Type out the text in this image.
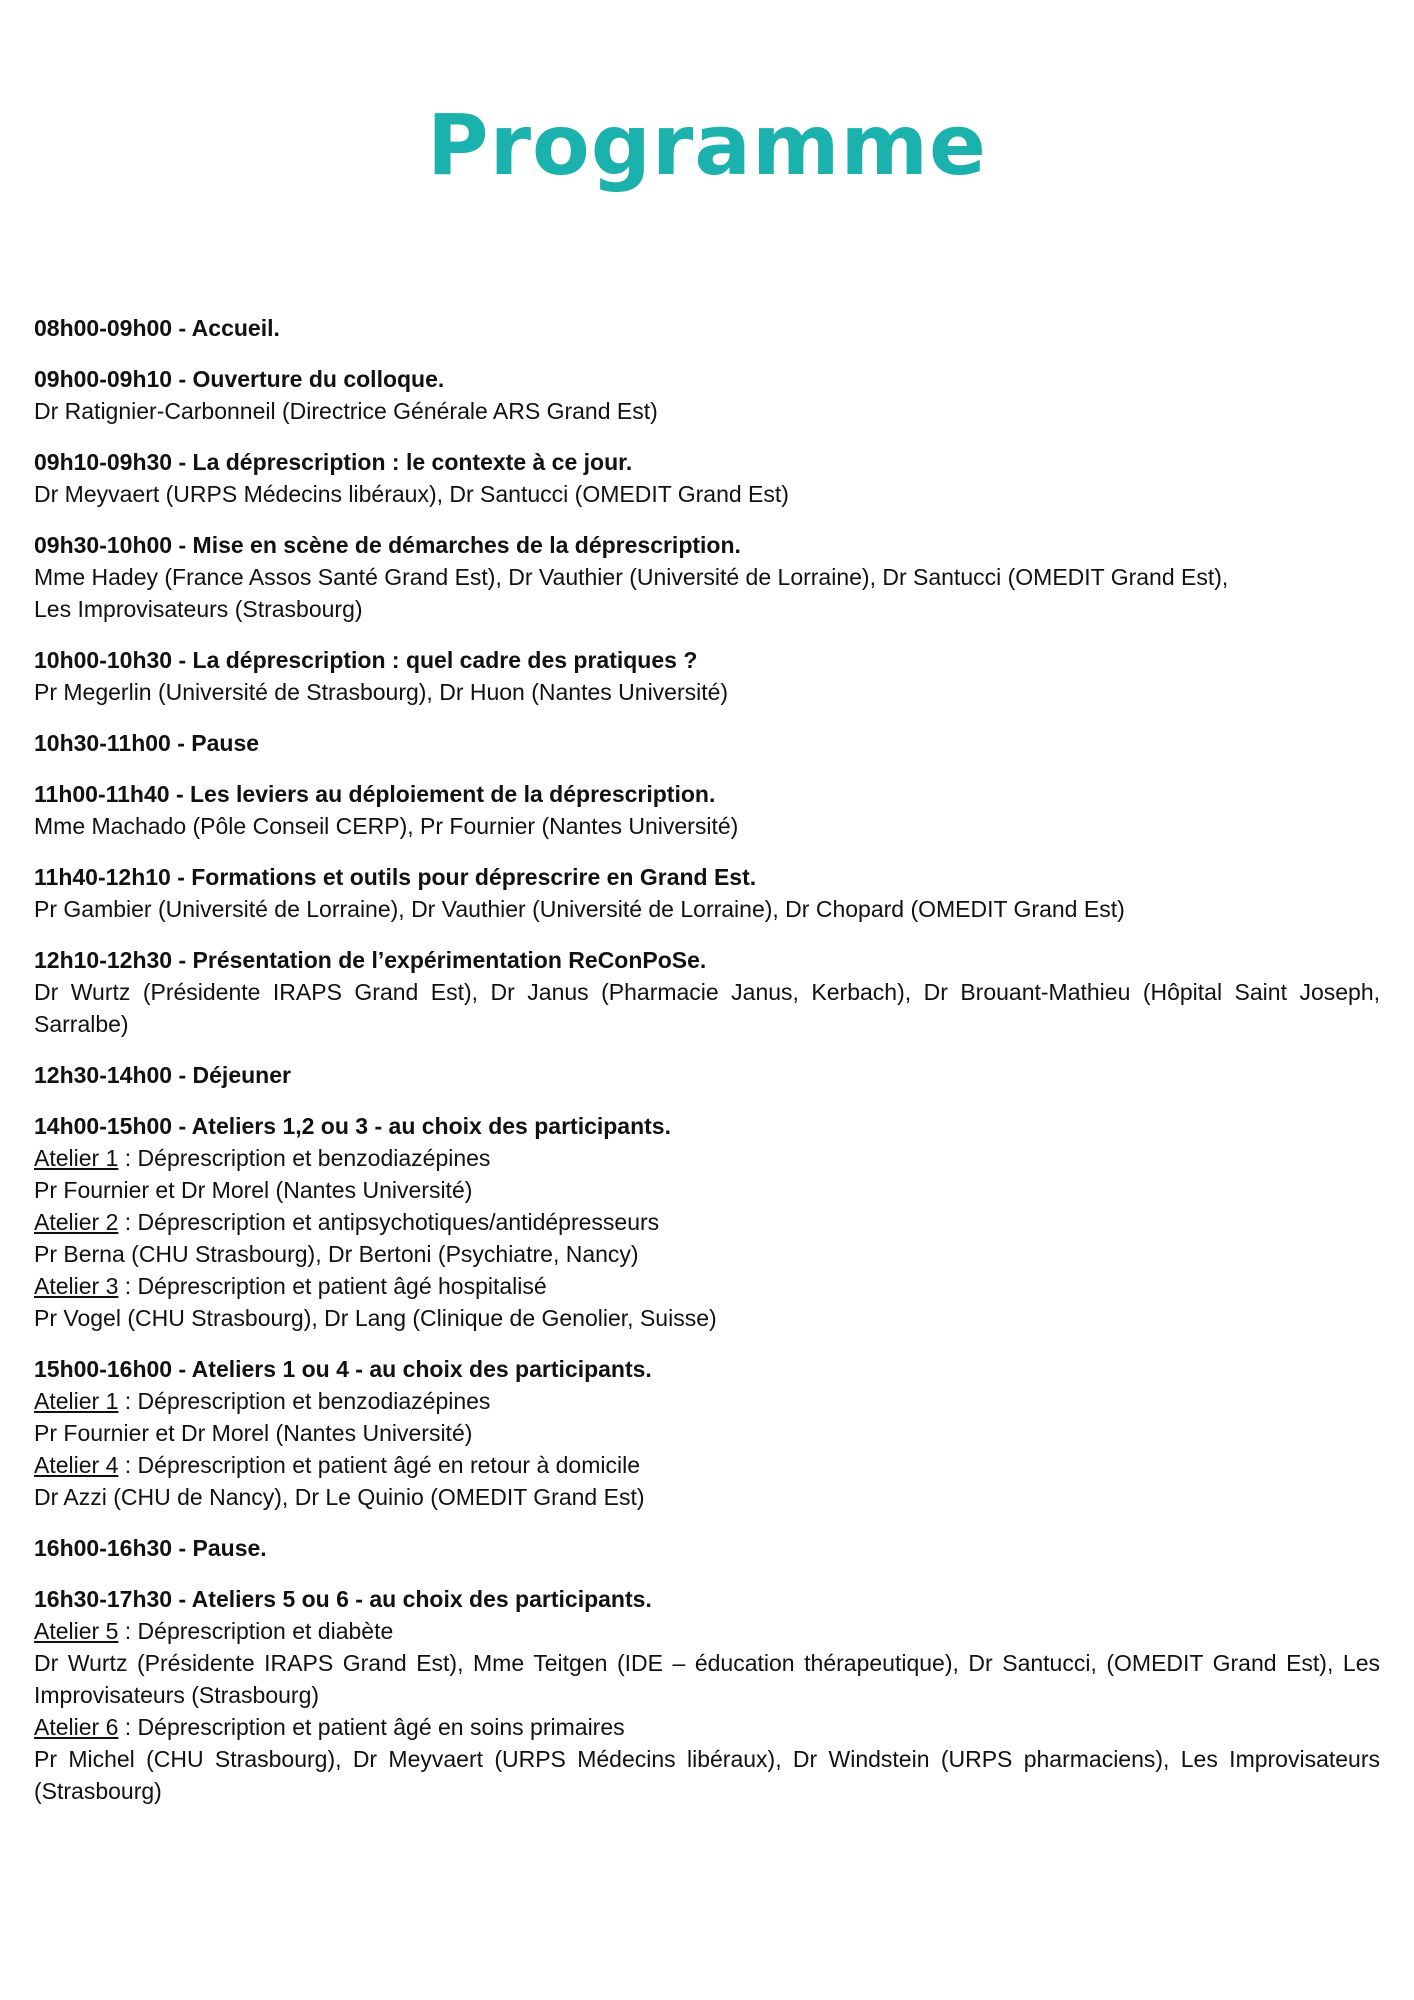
Programme
08h00-09h00 - Accueil.
09h00-09h10 - Ouverture du colloque.
Dr Ratignier-Carbonneil (Directrice Générale ARS Grand Est)
09h10-09h30 - La déprescription : le contexte à ce jour.
Dr Meyvaert (URPS Médecins libéraux), Dr Santucci (OMEDIT Grand Est)
09h30-10h00 - Mise en scène de démarches de la déprescription.
Mme Hadey (France Assos Santé Grand Est), Dr Vauthier (Université de Lorraine), Dr Santucci (OMEDIT Grand Est),
Les Improvisateurs (Strasbourg)
10h00-10h30 - La déprescription : quel cadre des pratiques ?
Pr Megerlin (Université de Strasbourg), Dr Huon (Nantes Université)
10h30-11h00 - Pause
11h00-11h40 - Les leviers au déploiement de la déprescription.
Mme Machado (Pôle Conseil CERP), Pr Fournier (Nantes Université)
11h40-12h10 - Formations et outils pour déprescrire en Grand Est.
Pr Gambier (Université de Lorraine), Dr Vauthier (Université de Lorraine), Dr Chopard (OMEDIT Grand Est)
12h10-12h30 - Présentation de l’expérimentation ReConPoSe.
Dr Wurtz (Présidente IRAPS Grand Est), Dr Janus (Pharmacie Janus, Kerbach), Dr Brouant-Mathieu (Hôpital Saint Joseph, Sarralbe)
12h30-14h00 - Déjeuner
14h00-15h00 - Ateliers 1,2 ou 3 - au choix des participants.
Atelier 1 : Déprescription et benzodiazépines
Pr Fournier et Dr Morel (Nantes Université)
Atelier 2 : Déprescription et antipsychotiques/antidépresseurs
Pr Berna (CHU Strasbourg), Dr Bertoni (Psychiatre, Nancy)
Atelier 3 : Déprescription et patient âgé hospitalisé
Pr Vogel (CHU Strasbourg), Dr Lang (Clinique de Genolier, Suisse)
15h00-16h00 - Ateliers 1 ou 4 - au choix des participants.
Atelier 1 : Déprescription et benzodiazépines
Pr Fournier et Dr Morel (Nantes Université)
Atelier 4 : Déprescription et patient âgé en retour à domicile
Dr Azzi (CHU de Nancy), Dr Le Quinio (OMEDIT Grand Est)
16h00-16h30 - Pause.
16h30-17h30 - Ateliers 5 ou 6 - au choix des participants.
Atelier 5 : Déprescription et diabète
Dr Wurtz (Présidente IRAPS Grand Est), Mme Teitgen (IDE – éducation thérapeutique), Dr Santucci, (OMEDIT Grand Est), Les Improvisateurs (Strasbourg)
Atelier 6 : Déprescription et patient âgé en soins primaires
Pr Michel (CHU Strasbourg), Dr Meyvaert (URPS Médecins libéraux), Dr Windstein (URPS pharmaciens), Les Improvisateurs (Strasbourg)
